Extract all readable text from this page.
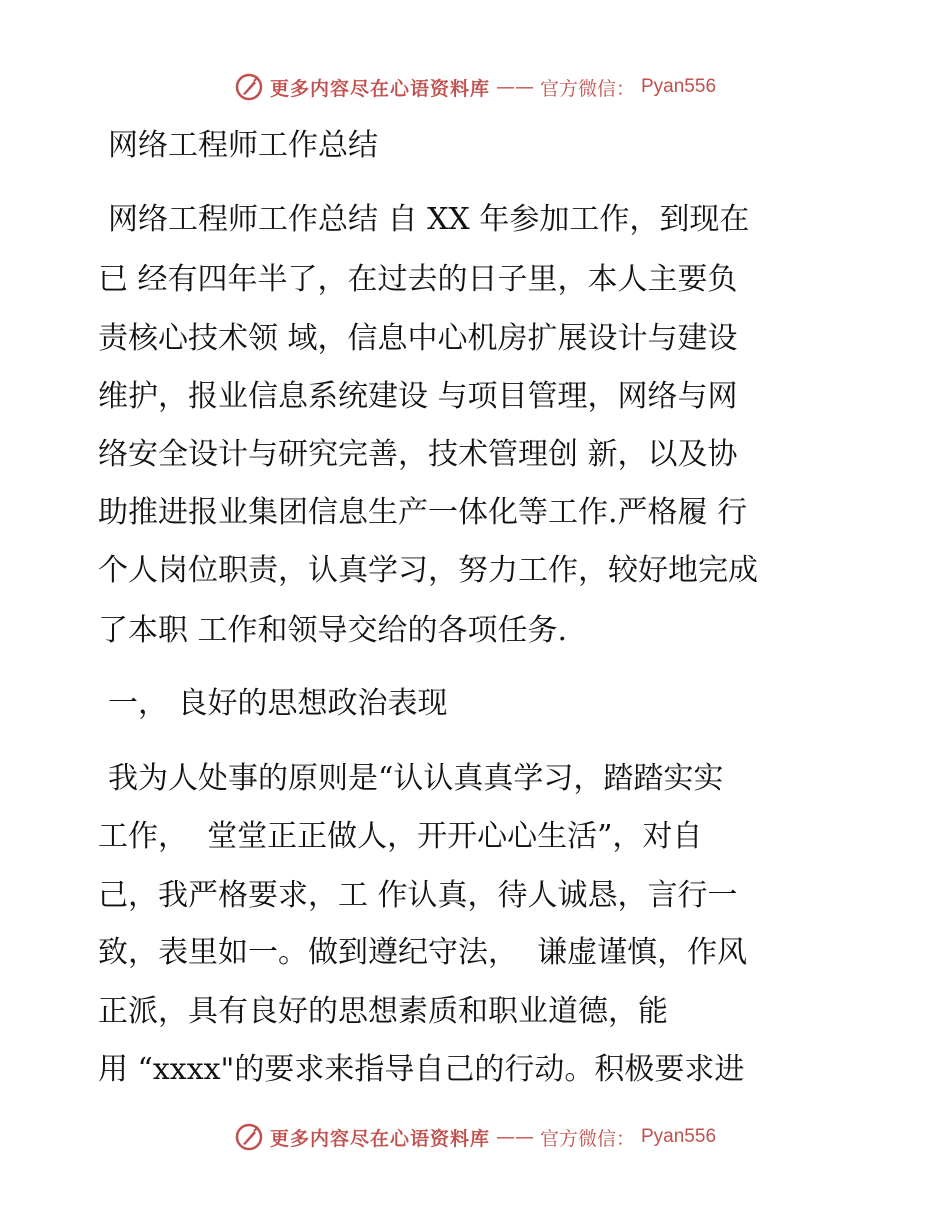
更多内容尽在心语资料库 —— 官方微信： Pyan556
网络工程师工作总结
网络工程师工作总结 自 XX 年参加工作，到现在
已 经有四年半了，在过去的日子里，本人主要负
责核心技术领 域，信息中心机房扩展设计与建设
维护，报业信息系统建设 与项目管理，网络与网
络安全设计与研究完善，技术管理创 新，以及协
助推进报业集团信息生产一体化等工作.严格履 行
个人岗位职责，认真学习，努力工作，较好地完成
了本职 工作和领导交给的各项任务.
一， 良好的思想政治表现
我为人处事的原则是“认认真真学习，踏踏实实
工作，  堂堂正正做人，开开心心生活”，对自
己，我严格要求，工 作认真，待人诚恳，言行一
致，表里如一。做到遵纪守法，  谦虚谨慎，作风
正派，具有良好的思想素质和职业道德，能
用 “xxxx"的要求来指导自己的行动。积极要求进
更多内容尽在心语资料库 —— 官方微信： Pyan556
